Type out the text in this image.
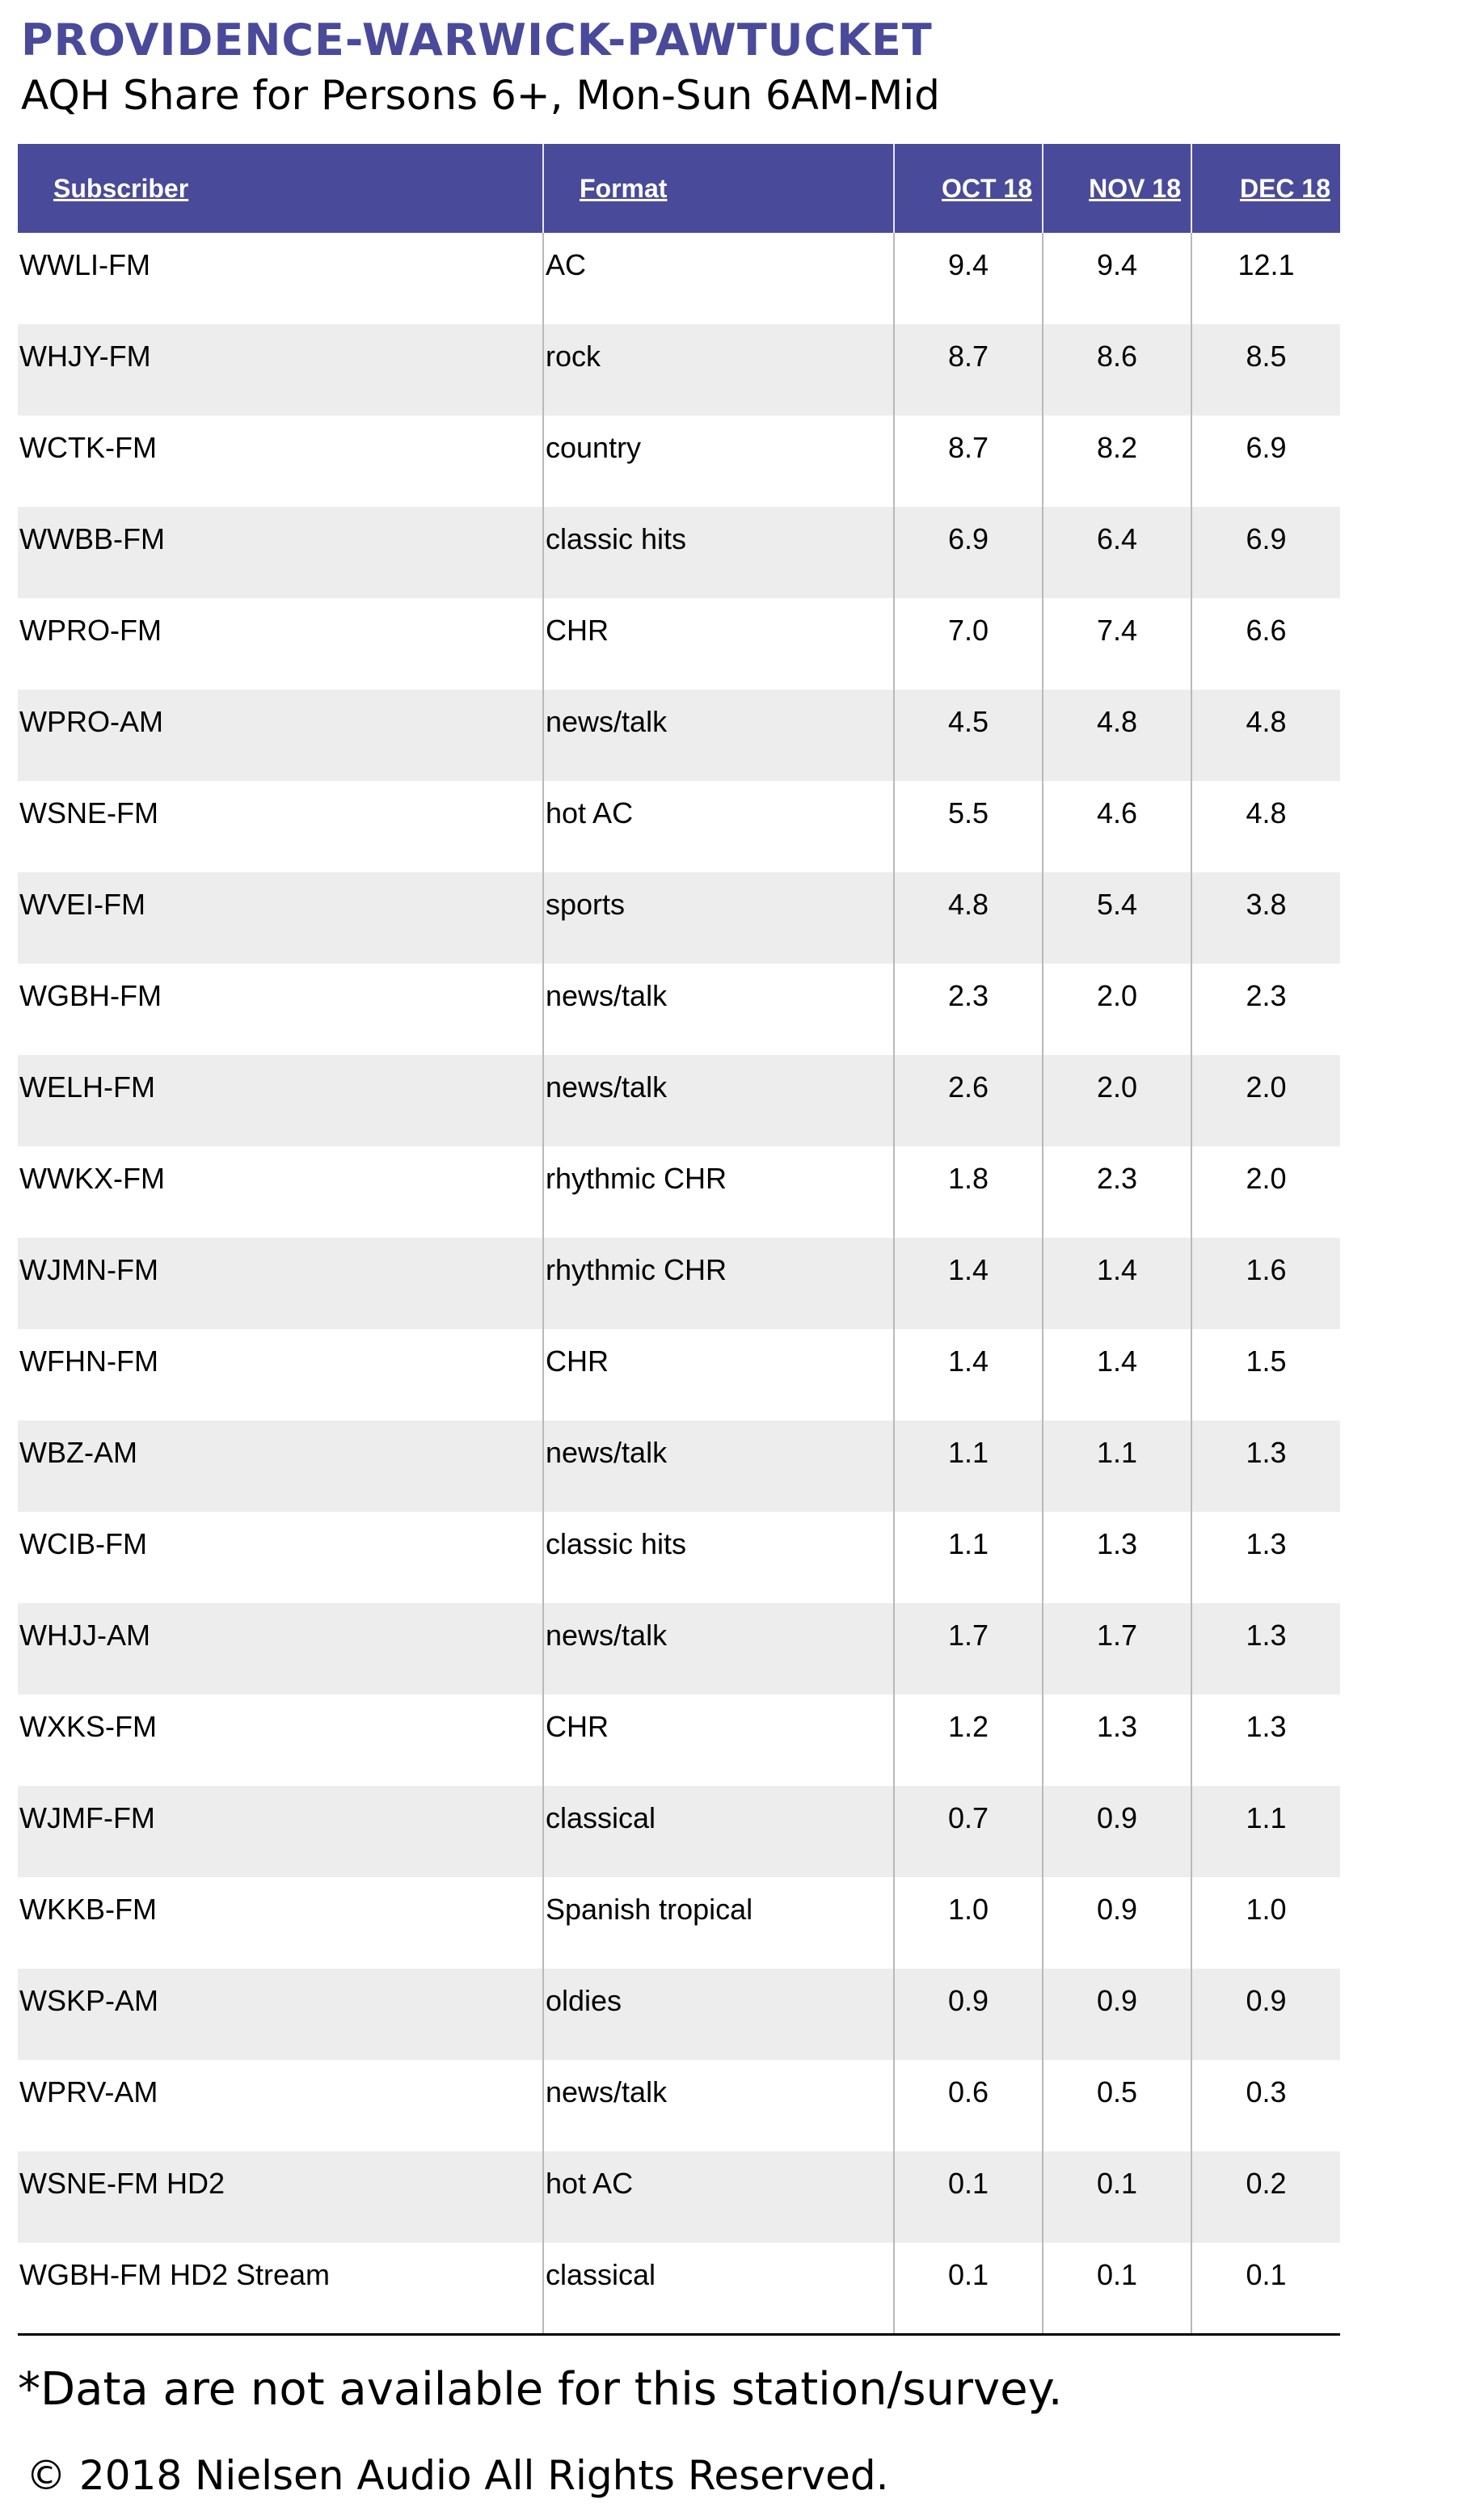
PROVIDENCE-WARWICK-PAWTUCKET
AQH Share for Persons 6+, Mon-Sun 6AM-Mid
Subscriber	Format	OCT 18	NOV 18	DEC 18
WWLI-FM	AC	9.4	9.4	12.1
WHJY-FM	rock	8.7	8.6	8.5
WCTK-FM	country	8.7	8.2	6.9
WWBB-FM	classic hits	6.9	6.4	6.9
WPRO-FM	CHR	7.0	7.4	6.6
WPRO-AM	news/talk	4.5	4.8	4.8
WSNE-FM	hot AC	5.5	4.6	4.8
WVEI-FM	sports	4.8	5.4	3.8
WGBH-FM	news/talk	2.3	2.0	2.3
WELH-FM	news/talk	2.6	2.0	2.0
WWKX-FM	rhythmic CHR	1.8	2.3	2.0
WJMN-FM	rhythmic CHR	1.4	1.4	1.6
WFHN-FM	CHR	1.4	1.4	1.5
WBZ-AM	news/talk	1.1	1.1	1.3
WCIB-FM	classic hits	1.1	1.3	1.3
WHJJ-AM	news/talk	1.7	1.7	1.3
WXKS-FM	CHR	1.2	1.3	1.3
WJMF-FM	classical	0.7	0.9	1.1
WKKB-FM	Spanish tropical	1.0	0.9	1.0
WSKP-AM	oldies	0.9	0.9	0.9
WPRV-AM	news/talk	0.6	0.5	0.3
WSNE-FM HD2	hot AC	0.1	0.1	0.2
WGBH-FM HD2 Stream	classical	0.1	0.1	0.1
*Data are not available for this station/survey.
© 2018 Nielsen Audio All Rights Reserved.
